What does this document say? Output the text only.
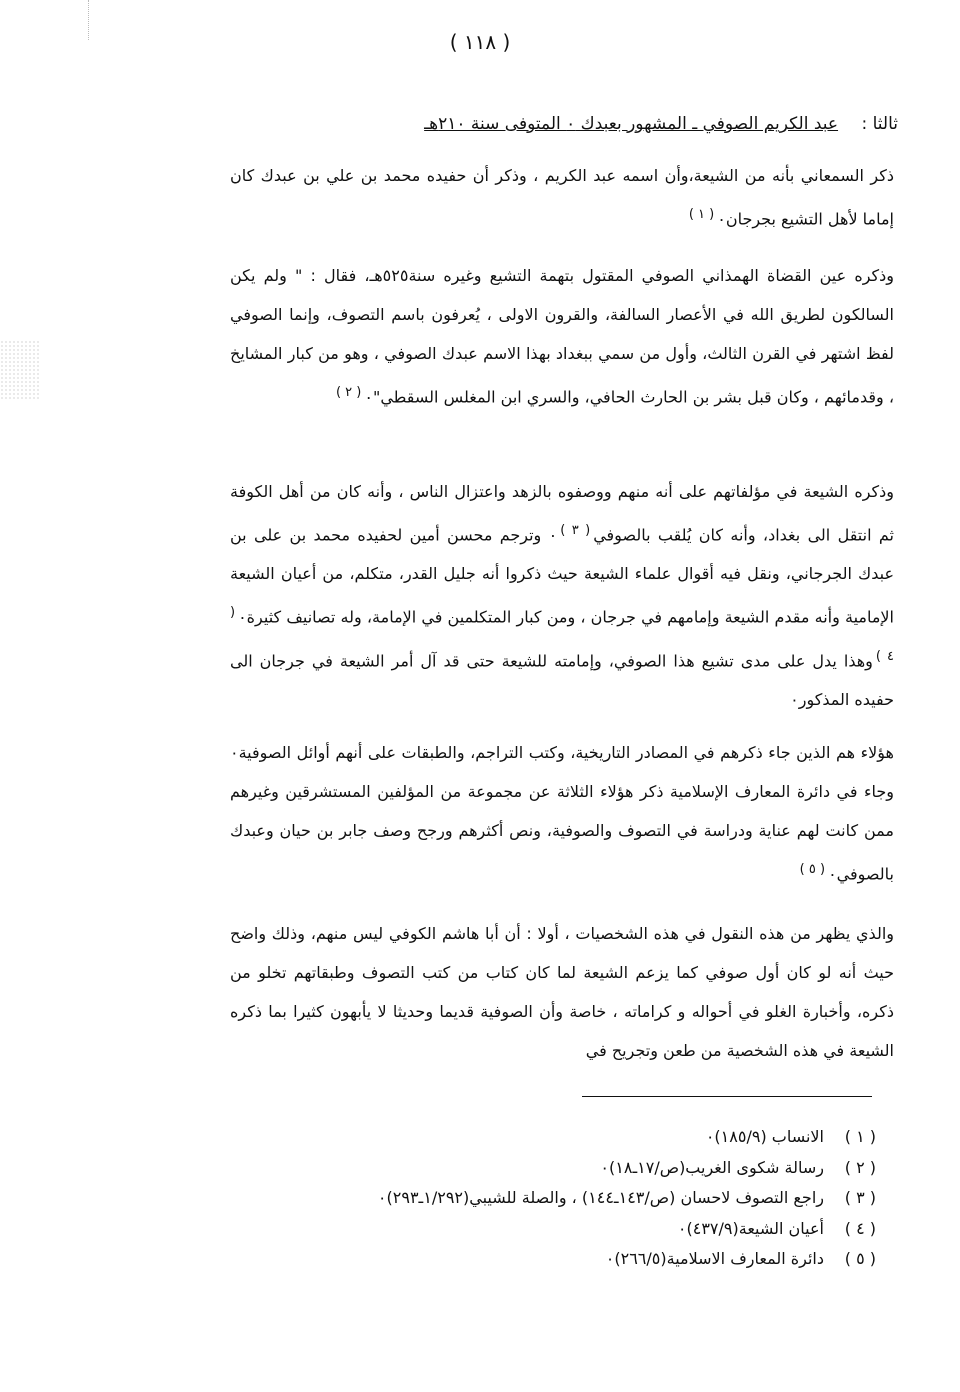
( ١١٨ )
ثالثا : عبد الكريم الصوفي ـ المشهور بعبدك ٠ المتوفى سنة ٢١٠هـ

ذكر السمعاني بأنه من الشيعة،وأن اسمه عبد الكريم ، وذكر أن حفيده محمد بن علي بن عبدك كان إماما لأهل التشيع بجرجان٠$^{( ١ )}$

وذكره عين القضاة الهمذاني الصوفي المقتول بتهمة التشيع وغيره سنة٥٢٥هـ، فقال : " ولم يكن السالكون لطريق الله في الأعصار السالفة، والقرون الاولى ، يُعرفون باسم التصوف، وإنما الصوفي لفظ اشتهر في القرن الثالث، وأول من سمي ببغداد بهذا الاسم عبدك الصوفي ، وهو من كبار المشايخ ، وقدمائهم ، وكان قبل بشر بن الحارث الحافي، والسري ابن المغلس السقطي"٠$^{( ٢ )}$

وذكره الشيعة في مؤلفاتهم على أنه منهم ووصفوه بالزهد واعتزال الناس ، وأنه كان من أهل الكوفة ثم انتقل الى بغداد، وأنه كان يُلقب بالصوفي$^{( ٣ )}$٠ وترجم محسن أمين لحفيده محمد بن على بن عبدك الجرجاني، ونقل فيه أقوال علماء الشيعة حيث ذكروا أنه جليل القدر، متكلم، من أعيان الشيعة الإمامية وأنه مقدم الشيعة وإمامهم في جرجان ، ومن كبار المتكلمين في الإمامة، وله تصانيف كثيرة٠$^{( ٤ )}$وهذا يدل على مدى تشيع هذا الصوفي، وإمامته للشيعة حتى قد آل أمر الشيعة في جرجان الى حفيده المذكور٠

هؤلاء هم الذين جاء ذكرهم في المصادر التاريخية، وكتب التراجم، والطبقات على أنهم أوائل الصوفية٠ وجاء في دائرة المعارف الإسلامية ذكر هؤلاء الثلاثة عن مجموعة من المؤلفين المستشرقين وغيرهم ممن كانت لهم عناية ودراسة في التصوف والصوفية، ونص أكثرهم ورجح وصف جابر بن حيان وعبدك بالصوفي٠$^{( ٥ )}$

والذي يظهر من هذه النقول في هذه الشخصيات ، أولا : أن أبا هاشم الكوفي ليس منهم، وذلك واضح حيث أنه لو كان أول صوفي كما يزعم الشيعة لما كان كتاب من كتب التصوف وطبقاتهم تخلو من ذكره، وأخبارة الغلو في أحواله و كراماته ، خاصة وأن الصوفية قديما وحديثا لا يأبهون كثيرا بما ذكره الشيعة في هذه الشخصية من طعن وتجريح في

( ١ )
الانساب (١٨٥/٩)٠
( ٢ )
رسالة شكوى الغريب(ص/١٧ـ١٨)٠
( ٣ )
راجع التصوف لاحسان (ص/١٤٣ـ١٤٤) ، والصلة للشيبي(١/٢٩٢ـ٢٩٣)٠
( ٤ )
أعيان الشيعة(٤٣٧/٩)٠
( ٥ )
دائرة المعارف الاسلامية(٢٦٦/٥)٠
